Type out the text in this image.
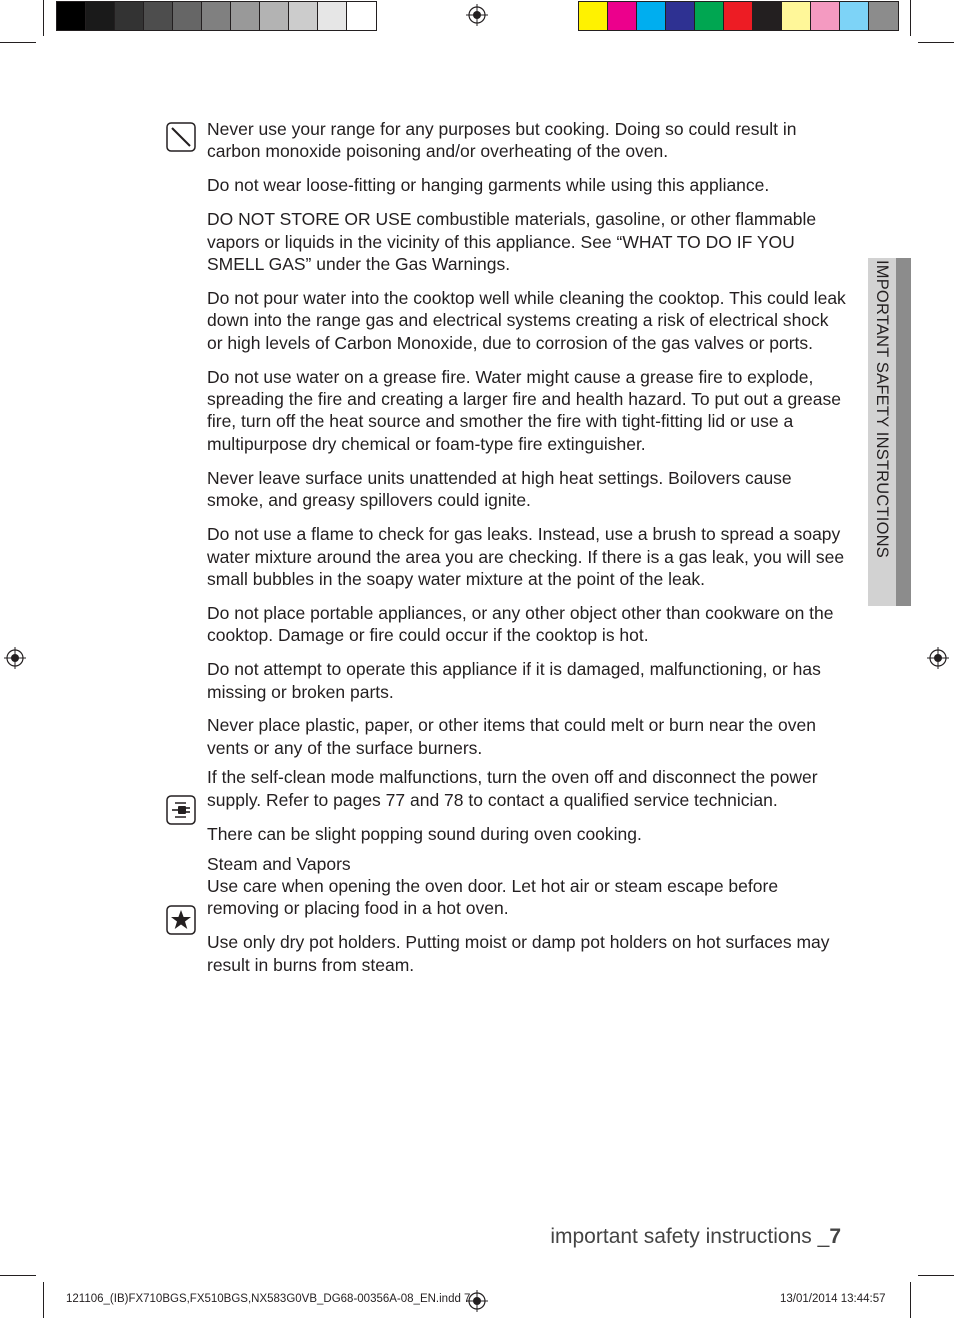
IMPORTANT SAFETY INSTRUCTIONS

Never use your range for any purposes but cooking. Doing so could result in carbon monoxide poisoning and/or overheating of the oven.

Do not wear loose-fitting or hanging garments while using this appliance.

DO NOT STORE OR USE combustible materials, gasoline, or other flammable vapors or liquids in the vicinity of this appliance. See “WHAT TO DO IF YOU SMELL GAS” under the Gas Warnings.

Do not pour water into the cooktop well while cleaning the cooktop. This could leak down into the range gas and electrical systems creating a risk of electrical shock or high levels of Carbon Monoxide, due to corrosion of the gas valves or ports.

Do not use water on a grease fire. Water might cause a grease fire to explode, spreading the fire and creating a larger fire and health hazard. To put out a grease fire, turn off the heat source and smother the fire with tight-fitting lid or use a multipurpose dry chemical or foam-type fire extinguisher.

Never leave surface units unattended at high heat settings. Boilovers cause smoke, and greasy spillovers could ignite.

Do not use a flame to check for gas leaks. Instead, use a brush to spread a soapy water mixture around the area you are checking. If there is a gas leak, you will see small bubbles in the soapy water mixture at the point of the leak.

Do not place portable appliances, or any other object other than cookware on the cooktop. Damage or fire could occur if the cooktop is hot.

Do not attempt to operate this appliance if it is damaged, malfunctioning, or has missing or broken parts.

Never place plastic, paper, or other items that could melt or burn near the oven vents or any of the surface burners.

If the self-clean mode malfunctions, turn the oven off and disconnect the power supply. Refer to pages 77 and 78 to contact a qualified service technician.

There can be slight popping sound during oven cooking.

Steam and Vapors

Use care when opening the oven door. Let hot air or steam escape before removing or placing food in a hot oven.

Use only dry pot holders. Putting moist or damp pot holders on hot surfaces may result in burns from steam.

important safety instructions _7
121106_(IB)FX710BGS,FX510BGS,NX583G0VB_DG68-00356A-08_EN.indd 7	13/01/2014 13:44:57
